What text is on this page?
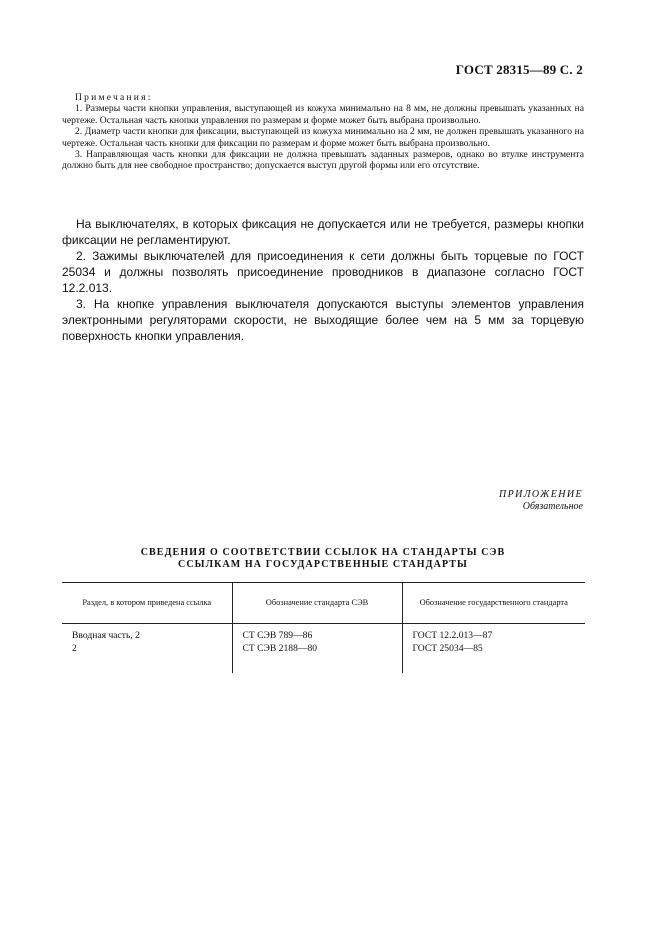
ГОСТ 28315—89 С. 2
Примечания:

1. Размеры части кнопки управления, выступающей из кожуха минимально на 8 мм, не должны превышать указанных на чертеже. Остальная часть кнопки управления по размерам и форме может быть выбрана произвольно.

2. Диаметр части кнопки для фиксации, выступающей из кожуха минимально на 2 мм, не должен превышать указанного на чертеже. Остальная часть кнопки для фиксации по размерам и форме может быть выбрана произвольно.

3. Направляющая часть кнопки для фиксации не должна превышать заданных размеров, однако во втулке инструмента должно быть для нее свободное пространство; допускается выступ другой формы или его отсутствие.

На выключателях, в которых фиксация не допускается или не требуется, размеры кнопки фиксации не регламентируют.

2. Зажимы выключателей для присоединения к сети должны быть торцевые по ГОСТ 25034 и должны позволять присоединение проводников в диапазоне согласно ГОСТ 12.2.013.

3. На кнопке управления выключателя допускаются выступы элементов управления электронными регуляторами скорости, не выходящие более чем на 5 мм за торцевую поверхность кнопки управления.

ПРИЛОЖЕНИЕ
Обязательное
СВЕДЕНИЯ О СООТВЕТСТВИИ ССЫЛОК НА СТАНДАРТЫ СЭВ
ССЫЛКАМ НА ГОСУДАРСТВЕННЫЕ СТАНДАРТЫ
Раздел, в котором приведена ссылка	Обозначение стандарта СЭВ	Обозначение государственного стандарта
Вводная часть, 2	СТ СЭВ 789—86	ГОСТ 12.2.013—87
2	СТ СЭВ 2188—80	ГОСТ 25034—85
